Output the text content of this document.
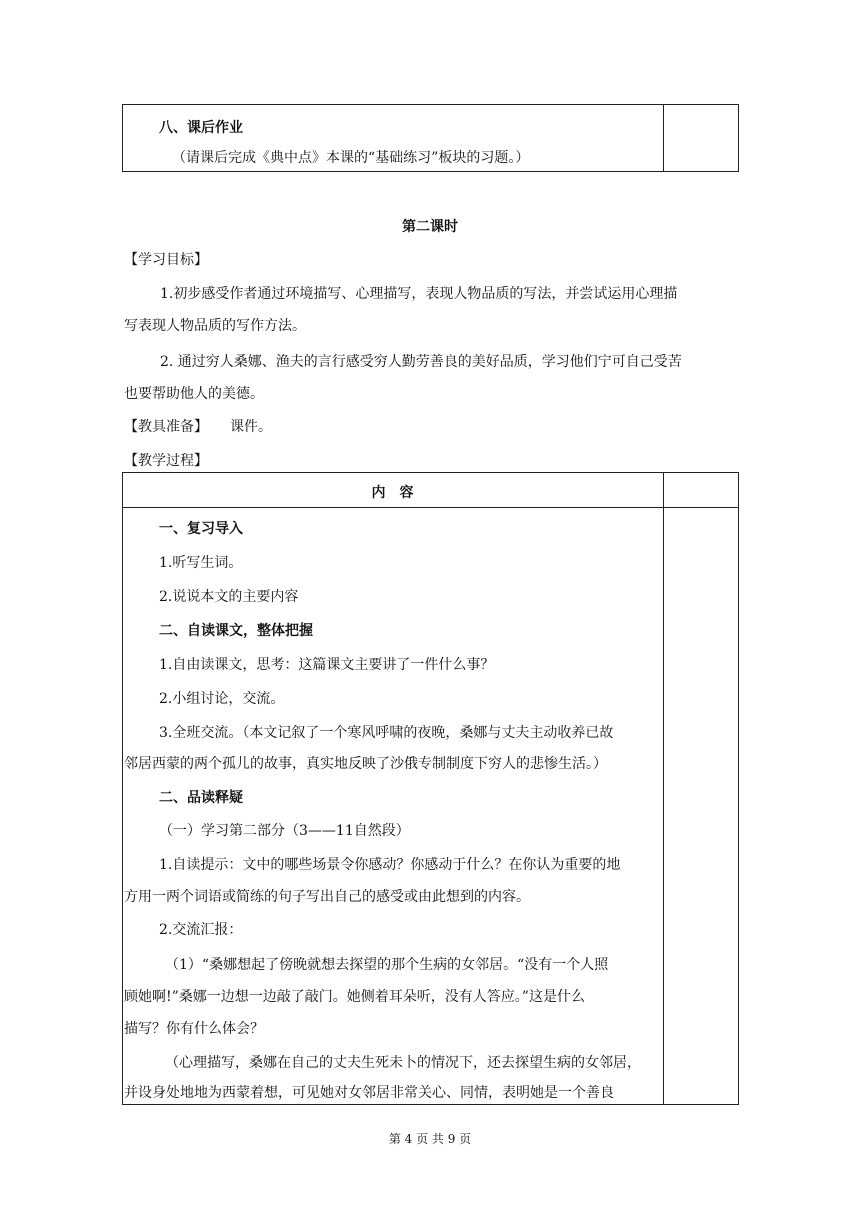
八、课后作业
（请课后完成《典中点》本课的“基础练习”板块的习题。）
第二课时
【学习目标】
1.初步感受作者通过环境描写、心理描写，表现人物品质的写法，并尝试运用心理描
写表现人物品质的写作方法。
2. 通过穷人桑娜、渔夫的言行感受穷人勤劳善良的美好品质，学习他们宁可自己受苦
也要帮助他人的美德。
【教具准备】 课件。
【教学过程】
内　容
一、复习导入
1.听写生词。
2.说说本文的主要内容
二、自读课文，整体把握
1.自由读课文，思考：这篇课文主要讲了一件什么事？
2.小组讨论，交流。
3.全班交流。（本文记叙了一个寒风呼啸的夜晚，桑娜与丈夫主动收养已故
邻居西蒙的两个孤儿的故事，真实地反映了沙俄专制制度下穷人的悲惨生活。）
二、品读释疑
（一）学习第二部分（3——11自然段）
1.自读提示：文中的哪些场景令你感动？你感动于什么？在你认为重要的地
方用一两个词语或简练的句子写出自己的感受或由此想到的内容。
2.交流汇报：
（1）“桑娜想起了傍晚就想去探望的那个生病的女邻居。“没有一个人照
顾她啊!”桑娜一边想一边敲了敲门。她侧着耳朵听，没有人答应。”这是什么
描写？你有什么体会？
（心理描写，桑娜在自己的丈夫生死未卜的情况下，还去探望生病的女邻居，
并设身处地地为西蒙着想，可见她对女邻居非常关心、同情，表明她是一个善良
第 4 页 共 9 页
